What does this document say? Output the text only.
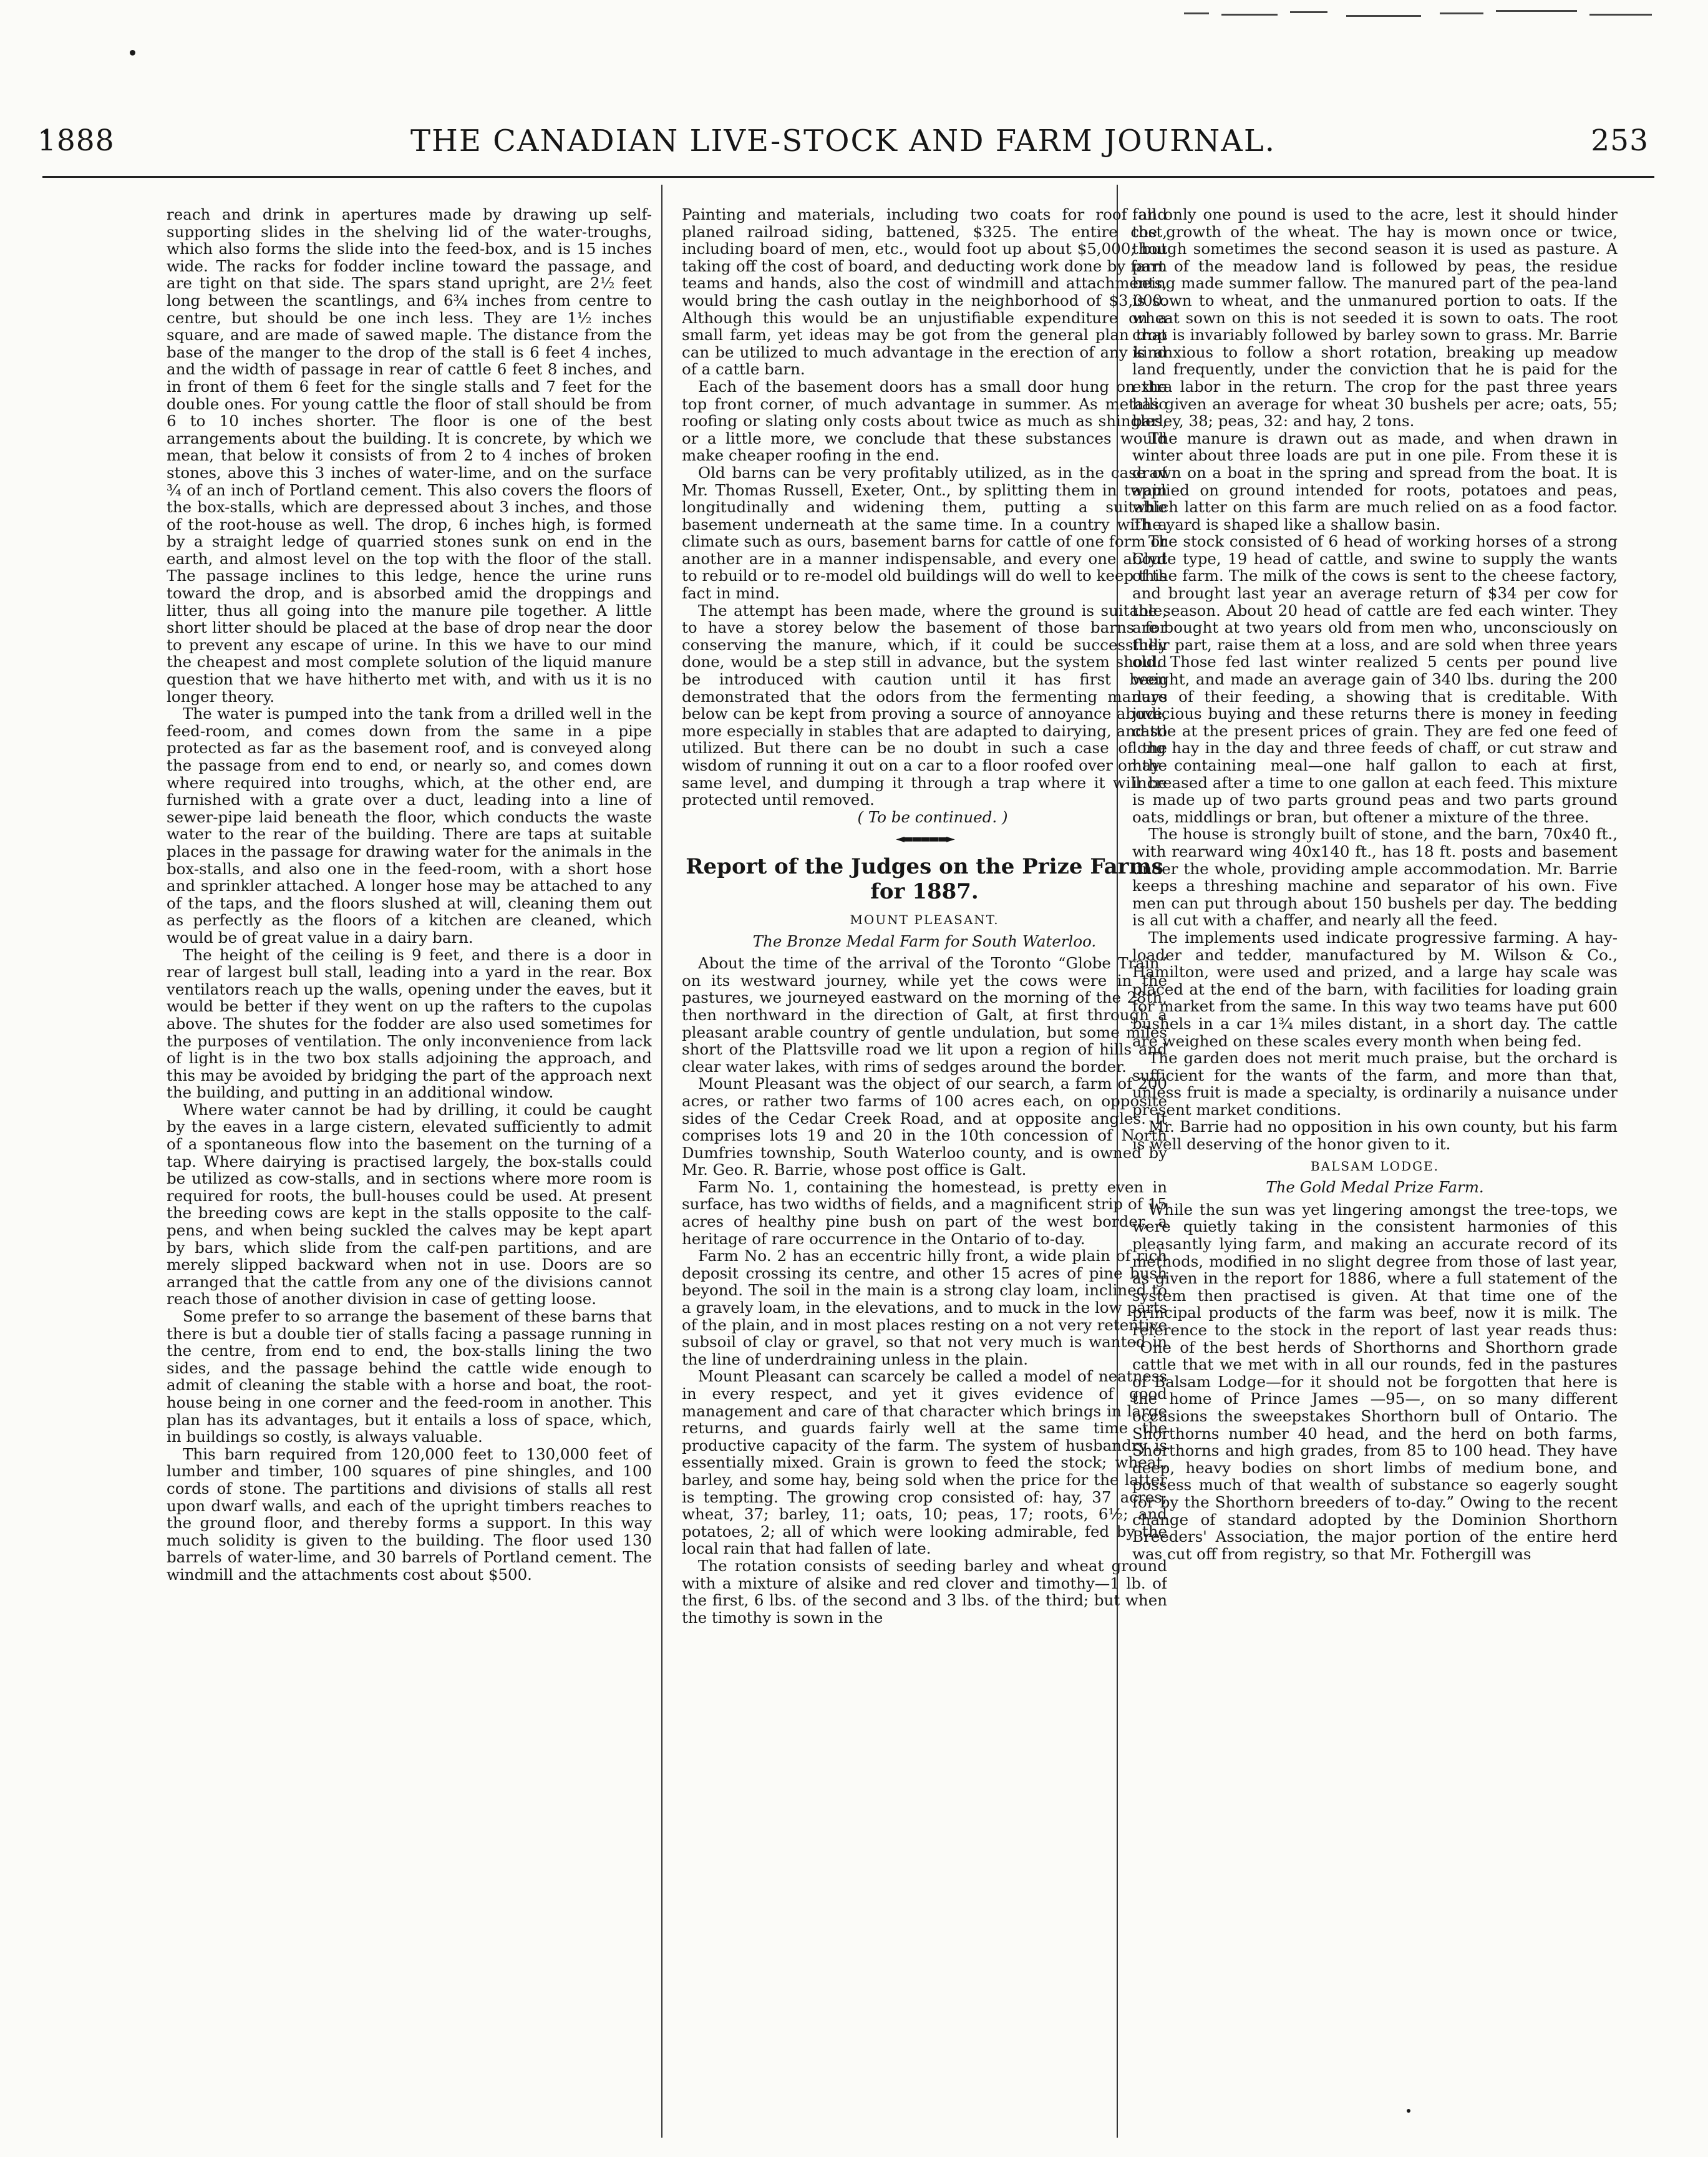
1888	THE CANADIAN LIVE-STOCK AND FARM JOURNAL.	253

reach and drink in apertures made by drawing up self-supporting slides in the shelving lid of the water-troughs, which also forms the slide into the feed-box, and is 15 inches wide. The racks for fodder incline toward the passage, and are tight on that side. The spars stand upright, are 2½ feet long between the scantlings, and 6¾ inches from centre to centre, but should be one inch less. They are 1½ inches square, and are made of sawed maple. The distance from the base of the manger to the drop of the stall is 6 feet 4 inches, and the width of passage in rear of cattle 6 feet 8 inches, and in front of them 6 feet for the single stalls and 7 feet for the double ones. For young cattle the floor of stall should be from 6 to 10 inches shorter. The floor is one of the best arrangements about the building. It is concrete, by which we mean, that below it consists of from 2 to 4 inches of broken stones, above this 3 inches of water-lime, and on the surface ¾ of an inch of Portland cement. This also covers the floors of the box-stalls, which are depressed about 3 inches, and those of the root-house as well. The drop, 6 inches high, is formed by a straight ledge of quarried stones sunk on end in the earth, and almost level on the top with the floor of the stall. The passage inclines to this ledge, hence the urine runs toward the drop, and is absorbed amid the droppings and litter, thus all going into the manure pile together. A little short litter should be placed at the base of drop near the door to prevent any escape of urine. In this we have to our mind the cheapest and most complete solution of the liquid manure question that we have hitherto met with, and with us it is no longer theory.

The water is pumped into the tank from a drilled well in the feed-room, and comes down from the same in a pipe protected as far as the basement roof, and is conveyed along the passage from end to end, or nearly so, and comes down where required into troughs, which, at the other end, are furnished with a grate over a duct, leading into a line of sewer-pipe laid beneath the floor, which conducts the waste water to the rear of the building. There are taps at suitable places in the passage for drawing water for the animals in the box-stalls, and also one in the feed-room, with a short hose and sprinkler attached. A longer hose may be attached to any of the taps, and the floors slushed at will, cleaning them out as perfectly as the floors of a kitchen are cleaned, which would be of great value in a dairy barn.

The height of the ceiling is 9 feet, and there is a door in rear of largest bull stall, leading into a yard in the rear. Box ventilators reach up the walls, opening under the eaves, but it would be better if they went on up the rafters to the cupolas above. The shutes for the fodder are also used sometimes for the purposes of ventilation. The only inconvenience from lack of light is in the two box stalls adjoining the approach, and this may be avoided by bridging the part of the approach next the building, and putting in an additional window.

Where water cannot be had by drilling, it could be caught by the eaves in a large cistern, elevated sufficiently to admit of a spontaneous flow into the basement on the turning of a tap. Where dairying is practised largely, the box-stalls could be utilized as cow-stalls, and in sections where more room is required for roots, the bull-houses could be used. At present the breeding cows are kept in the stalls opposite to the calf-pens, and when being suckled the calves may be kept apart by bars, which slide from the calf-pen partitions, and are merely slipped backward when not in use. Doors are so arranged that the cattle from any one of the divisions cannot reach those of another division in case of getting loose.

Some prefer to so arrange the basement of these barns that there is but a double tier of stalls facing a passage running in the centre, from end to end, the box-stalls lining the two sides, and the passage behind the cattle wide enough to admit of cleaning the stable with a horse and boat, the root-house being in one corner and the feed-room in another. This plan has its advantages, but it entails a loss of space, which, in buildings so costly, is always valuable.

This barn required from 120,000 feet to 130,000 feet of lumber and timber, 100 squares of pine shingles, and 100 cords of stone. The partitions and divisions of stalls all rest upon dwarf walls, and each of the upright timbers reaches to the ground floor, and thereby forms a support. In this way much solidity is given to the building. The floor used 130 barrels of water-lime, and 30 barrels of Portland cement. The windmill and the attachments cost about $500.

Painting and materials, including two coats for roof and planed railroad siding, battened, $325. The entire cost, including board of men, etc., would foot up about $5,000; but taking off the cost of board, and deducting work done by farm teams and hands, also the cost of windmill and attachments, would bring the cash outlay in the neighborhood of $3,000. Although this would be an unjustifiable expenditure on a small farm, yet ideas may be got from the general plan that can be utilized to much advantage in the erection of any kind of a cattle barn.

Each of the basement doors has a small door hung on the top front corner, of much advantage in summer. As metallic roofing or slating only costs about twice as much as shingles, or a little more, we conclude that these substances would make cheaper roofing in the end.

Old barns can be very profitably utilized, as in the case of Mr. Thomas Russell, Exeter, Ont., by splitting them in twain longitudinally and widening them, putting a suitable basement underneath at the same time. In a country with a climate such as ours, basement barns for cattle of one form or another are in a manner indispensable, and every one about to rebuild or to re-model old buildings will do well to keep this fact in mind.

The attempt has been made, where the ground is suitable, to have a storey below the basement of those barns for conserving the manure, which, if it could be successfully done, would be a step still in advance, but the system should be introduced with caution until it has first been demonstrated that the odors from the fermenting manure below can be kept from proving a source of annoyance above, more especially in stables that are adapted to dairying, and so utilized. But there can be no doubt in such a case of the wisdom of running it out on a car to a floor roofed over on the same level, and dumping it through a trap where it will be protected until removed.

( To be continued. )

◄▬▬▬▬▬►
Report of the Judges on the Prize Farms for 1887.
MOUNT PLEASANT.
The Bronze Medal Farm for South Waterloo.

About the time of the arrival of the Toronto “Globe Train” on its westward journey, while yet the cows were in the pastures, we journeyed eastward on the morning of the 28th, then northward in the direction of Galt, at first through a pleasant arable country of gentle undulation, but some miles short of the Plattsville road we lit upon a region of hills and clear water lakes, with rims of sedges around the border.

Mount Pleasant was the object of our search, a farm of 200 acres, or rather two farms of 100 acres each, on opposite sides of the Cedar Creek Road, and at opposite angles. It comprises lots 19 and 20 in the 10th concession of North Dumfries township, South Waterloo county, and is owned by Mr. Geo. R. Barrie, whose post office is Galt.

Farm No. 1, containing the homestead, is pretty even in surface, has two widths of fields, and a magnificent strip of 15 acres of healthy pine bush on part of the west border, a heritage of rare occurrence in the Ontario of to-day.

Farm No. 2 has an eccentric hilly front, a wide plain of rich deposit crossing its centre, and other 15 acres of pine bush beyond. The soil in the main is a strong clay loam, inclined to a gravely loam, in the elevations, and to muck in the low parts of the plain, and in most places resting on a not very retentive subsoil of clay or gravel, so that not very much is wanted in the line of underdraining unless in the plain.

Mount Pleasant can scarcely be called a model of neatness in every respect, and yet it gives evidence of good management and care of that character which brings in large returns, and guards fairly well at the same time the productive capacity of the farm. The system of husbandry is essentially mixed. Grain is grown to feed the stock; wheat, barley, and some hay, being sold when the price for the latter is tempting. The growing crop consisted of: hay, 37 acres; wheat, 37; barley, 11; oats, 10; peas, 17; roots, 6½; and potatoes, 2; all of which were looking admirable, fed by the local rain that had fallen of late.

The rotation consists of seeding barley and wheat ground with a mixture of alsike and red clover and timothy—1 lb. of the first, 6 lbs. of the second and 3 lbs. of the third; but when the timothy is sown in the

fall only one pound is used to the acre, lest it should hinder the growth of the wheat. The hay is mown once or twice, though sometimes the second season it is used as pasture. A part of the meadow land is followed by peas, the residue being made summer fallow. The manured part of the pea-land is sown to wheat, and the unmanured portion to oats. If the wheat sown on this is not seeded it is sown to oats. The root crop is invariably followed by barley sown to grass. Mr. Barrie is anxious to follow a short rotation, breaking up meadow land frequently, under the conviction that he is paid for the extra labor in the return. The crop for the past three years has given an average for wheat 30 bushels per acre; oats, 55; barley, 38; peas, 32: and hay, 2 tons.

The manure is drawn out as made, and when drawn in winter about three loads are put in one pile. From these it is drawn on a boat in the spring and spread from the boat. It is applied on ground intended for roots, potatoes and peas, which latter on this farm are much relied on as a food factor. The yard is shaped like a shallow basin.

The stock consisted of 6 head of working horses of a strong Clyde type, 19 head of cattle, and swine to supply the wants of the farm. The milk of the cows is sent to the cheese factory, and brought last year an average return of $34 per cow for the season. About 20 head of cattle are fed each winter. They are bought at two years old from men who, unconsciously on their part, raise them at a loss, and are sold when three years old. Those fed last winter realized 5 cents per pound live weight, and made an average gain of 340 lbs. during the 200 days of their feeding, a showing that is creditable. With judicious buying and these returns there is money in feeding cattle at the present prices of grain. They are fed one feed of long hay in the day and three feeds of chaff, or cut straw and hay containing meal—one half gallon to each at first, increased after a time to one gallon at each feed. This mixture is made up of two parts ground peas and two parts ground oats, middlings or bran, but oftener a mixture of the three.

The house is strongly built of stone, and the barn, 70x40 ft., with rearward wing 40x140 ft., has 18 ft. posts and basement under the whole, providing ample accommodation. Mr. Barrie keeps a threshing machine and separator of his own. Five men can put through about 150 bushels per day. The bedding is all cut with a chaffer, and nearly all the feed.

The implements used indicate progressive farming. A hay-loader and tedder, manufactured by M. Wilson & Co., Hamilton, were used and prized, and a large hay scale was placed at the end of the barn, with facilities for loading grain for market from the same. In this way two teams have put 600 bushels in a car 1¾ miles distant, in a short day. The cattle are weighed on these scales every month when being fed.

The garden does not merit much praise, but the orchard is sufficient for the wants of the farm, and more than that, unless fruit is made a specialty, is ordinarily a nuisance under present market conditions.

Mr. Barrie had no opposition in his own county, but his farm is well deserving of the honor given to it.

BALSAM LODGE.
The Gold Medal Prize Farm.

While the sun was yet lingering amongst the tree-tops, we were quietly taking in the consistent harmonies of this pleasantly lying farm, and making an accurate record of its methods, modified in no slight degree from those of last year, as given in the report for 1886, where a full statement of the system then practised is given. At that time one of the principal products of the farm was beef, now it is milk. The reference to the stock in the report of last year reads thus: “One of the best herds of Shorthorns and Shorthorn grade cattle that we met with in all our rounds, fed in the pastures of Balsam Lodge—for it should not be forgotten that here is the home of Prince James —95—, on so many different occasions the sweepstakes Shorthorn bull of Ontario. The Shorthorns number 40 head, and the herd on both farms, Shorthorns and high grades, from 85 to 100 head. They have deep, heavy bodies on short limbs of medium bone, and possess much of that wealth of substance so eagerly sought for by the Shorthorn breeders of to-day.” Owing to the recent change of standard adopted by the Dominion Shorthorn Breeders' Association, the major portion of the entire herd was cut off from registry, so that Mr. Fothergill was
